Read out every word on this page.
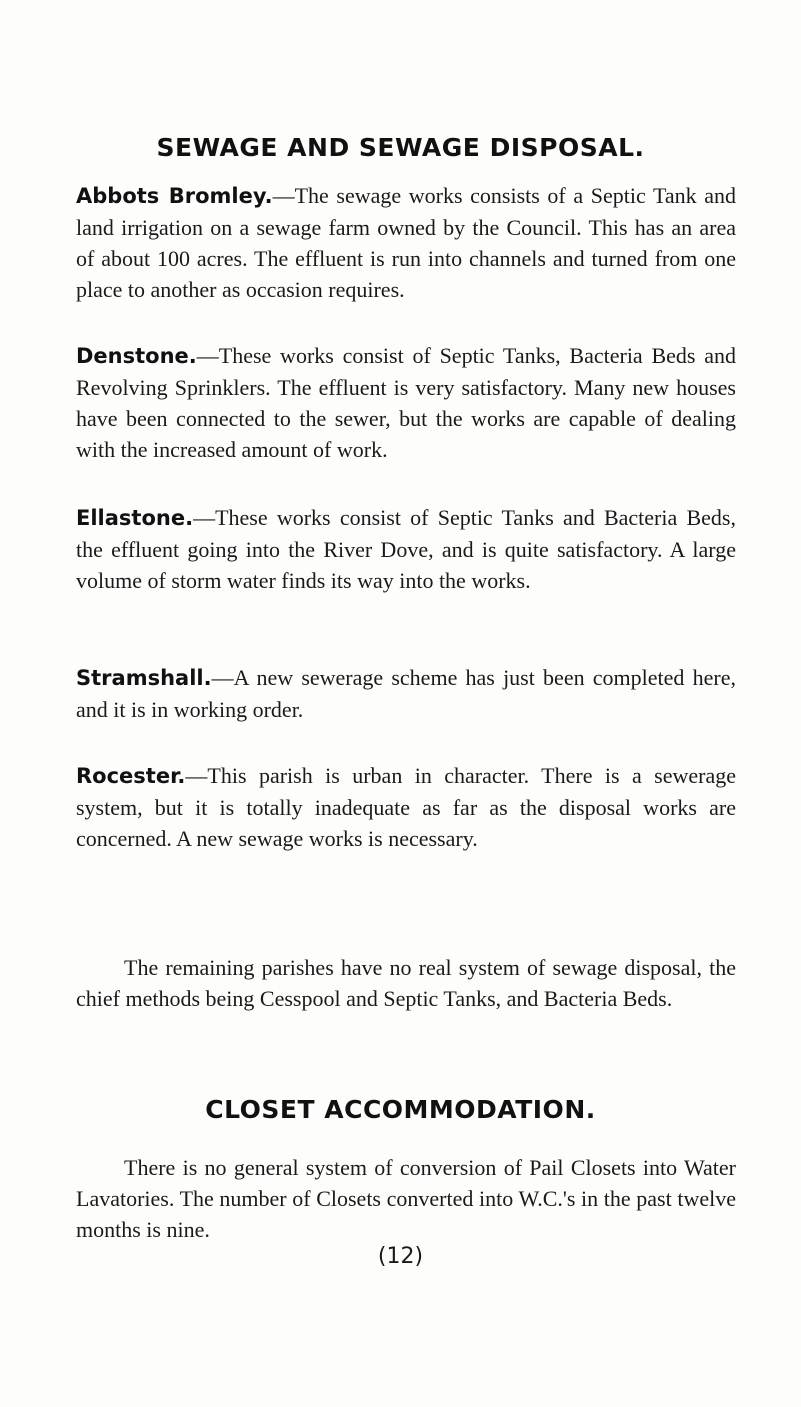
SEWAGE AND SEWAGE DISPOSAL.

Abbots Bromley.—The sewage works consists of a Septic Tank and land irrigation on a sewage farm owned by the Council. This has an area of about 100 acres. The effluent is run into channels and turned from one place to another as occasion requires.

Denstone.—These works consist of Septic Tanks, Bacteria Beds and Revolving Sprinklers. The effluent is very satisfactory. Many new houses have been connected to the sewer, but the works are capable of dealing with the increased amount of work.

Ellastone.—These works consist of Septic Tanks and Bacteria Beds, the effluent going into the River Dove, and is quite satisfactory. A large volume of storm water finds its way into the works.

Stramshall.—A new sewerage scheme has just been completed here, and it is in working order.

Rocester.—This parish is urban in character. There is a sewerage system, but it is totally inadequate as far as the disposal works are concerned. A new sewage works is necessary.

The remaining parishes have no real system of sewage disposal, the chief methods being Cesspool and Septic Tanks, and Bacteria Beds.

CLOSET ACCOMMODATION.

There is no general system of conversion of Pail Closets into Water Lavatories. The number of Closets converted into W.C.'s in the past twelve months is nine.

(12)
